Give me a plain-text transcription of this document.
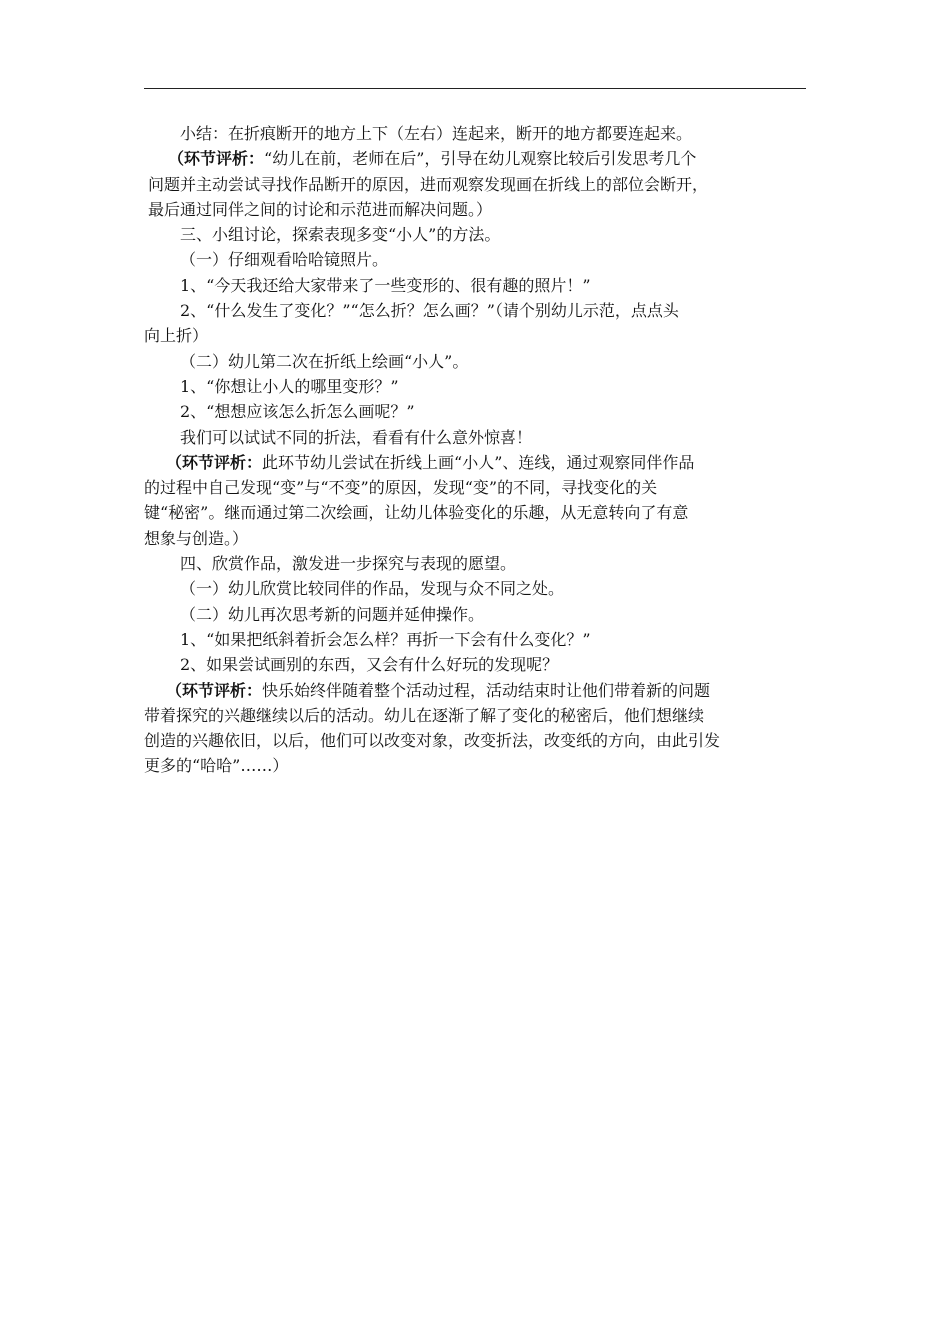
小结：在折痕断开的地方上下（左右）连起来，断开的地方都要连起来。
（环节评析：“幼儿在前，老师在后”，引导在幼儿观察比较后引发思考几个
问题并主动尝试寻找作品断开的原因，进而观察发现画在折线上的部位会断开，
最后通过同伴之间的讨论和示范进而解决问题。）
三、小组讨论，探索表现多变“小人”的方法。
（一）仔细观看哈哈镜照片。
1、“今天我还给大家带来了一些变形的、很有趣的照片！”
2、“什么发生了变化？”“怎么折？怎么画？”（请个别幼儿示范，点点头
向上折）
（二）幼儿第二次在折纸上绘画“小人”。
1、“你想让小人的哪里变形？”
2、“想想应该怎么折怎么画呢？”
我们可以试试不同的折法，看看有什么意外惊喜！
（环节评析：此环节幼儿尝试在折线上画“小人”、连线，通过观察同伴作品
的过程中自己发现“变”与“不变”的原因，发现“变”的不同，寻找变化的关
键“秘密”。继而通过第二次绘画，让幼儿体验变化的乐趣，从无意转向了有意
想象与创造。）
四、欣赏作品，激发进一步探究与表现的愿望。
（一）幼儿欣赏比较同伴的作品，发现与众不同之处。
（二）幼儿再次思考新的问题并延伸操作。
1、“如果把纸斜着折会怎么样？再折一下会有什么变化？”
2、如果尝试画别的东西，又会有什么好玩的发现呢？
（环节评析：快乐始终伴随着整个活动过程，活动结束时让他们带着新的问题
带着探究的兴趣继续以后的活动。幼儿在逐渐了解了变化的秘密后，他们想继续
创造的兴趣依旧，以后，他们可以改变对象，改变折法，改变纸的方向，由此引发
更多的“哈哈”……）
